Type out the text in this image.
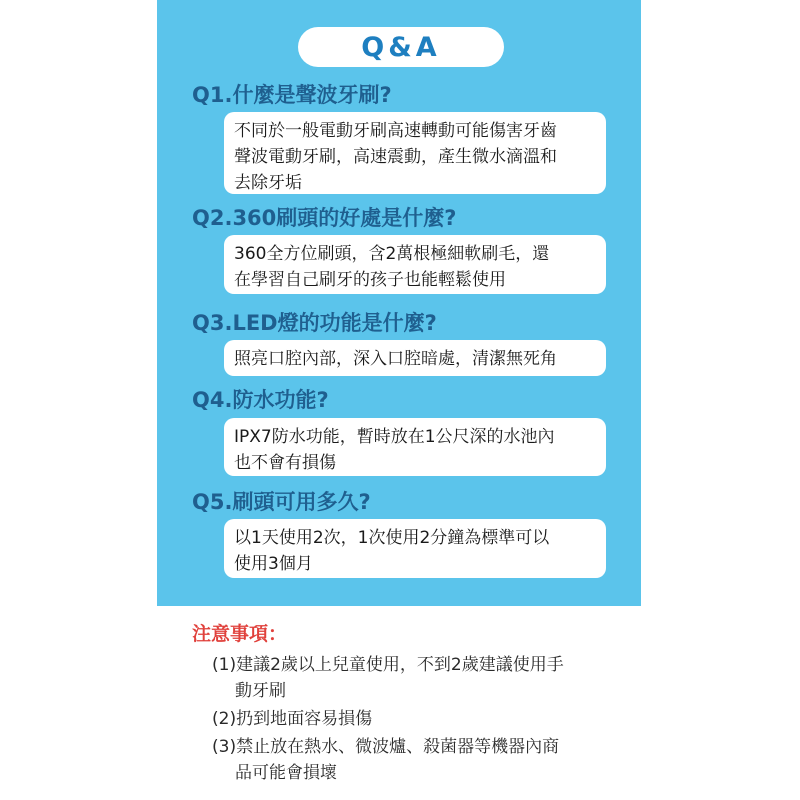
Q&A
Q1.什麼是聲波牙刷?
不同於一般電動牙刷高速轉動可能傷害牙齒
聲波電動牙刷，高速震動，產生微水滴溫和
去除牙垢
Q2.360刷頭的好處是什麼?
360全方位刷頭，含2萬根極細軟刷毛，還
在學習自己刷牙的孩子也能輕鬆使用
Q3.LED燈的功能是什麼?
照亮口腔內部，深入口腔暗處，清潔無死角
Q4.防水功能?
IPX7防水功能，暫時放在1公尺深的水池內
也不會有損傷
Q5.刷頭可用多久?
以1天使用2次，1次使用2分鐘為標準可以
使用3個月
注意事項：
(1)建議2歲以上兒童使用，不到2歲建議使用手
動牙刷
(2)扔到地面容易損傷
(3)禁止放在熱水、微波爐、殺菌器等機器內商
品可能會損壞
